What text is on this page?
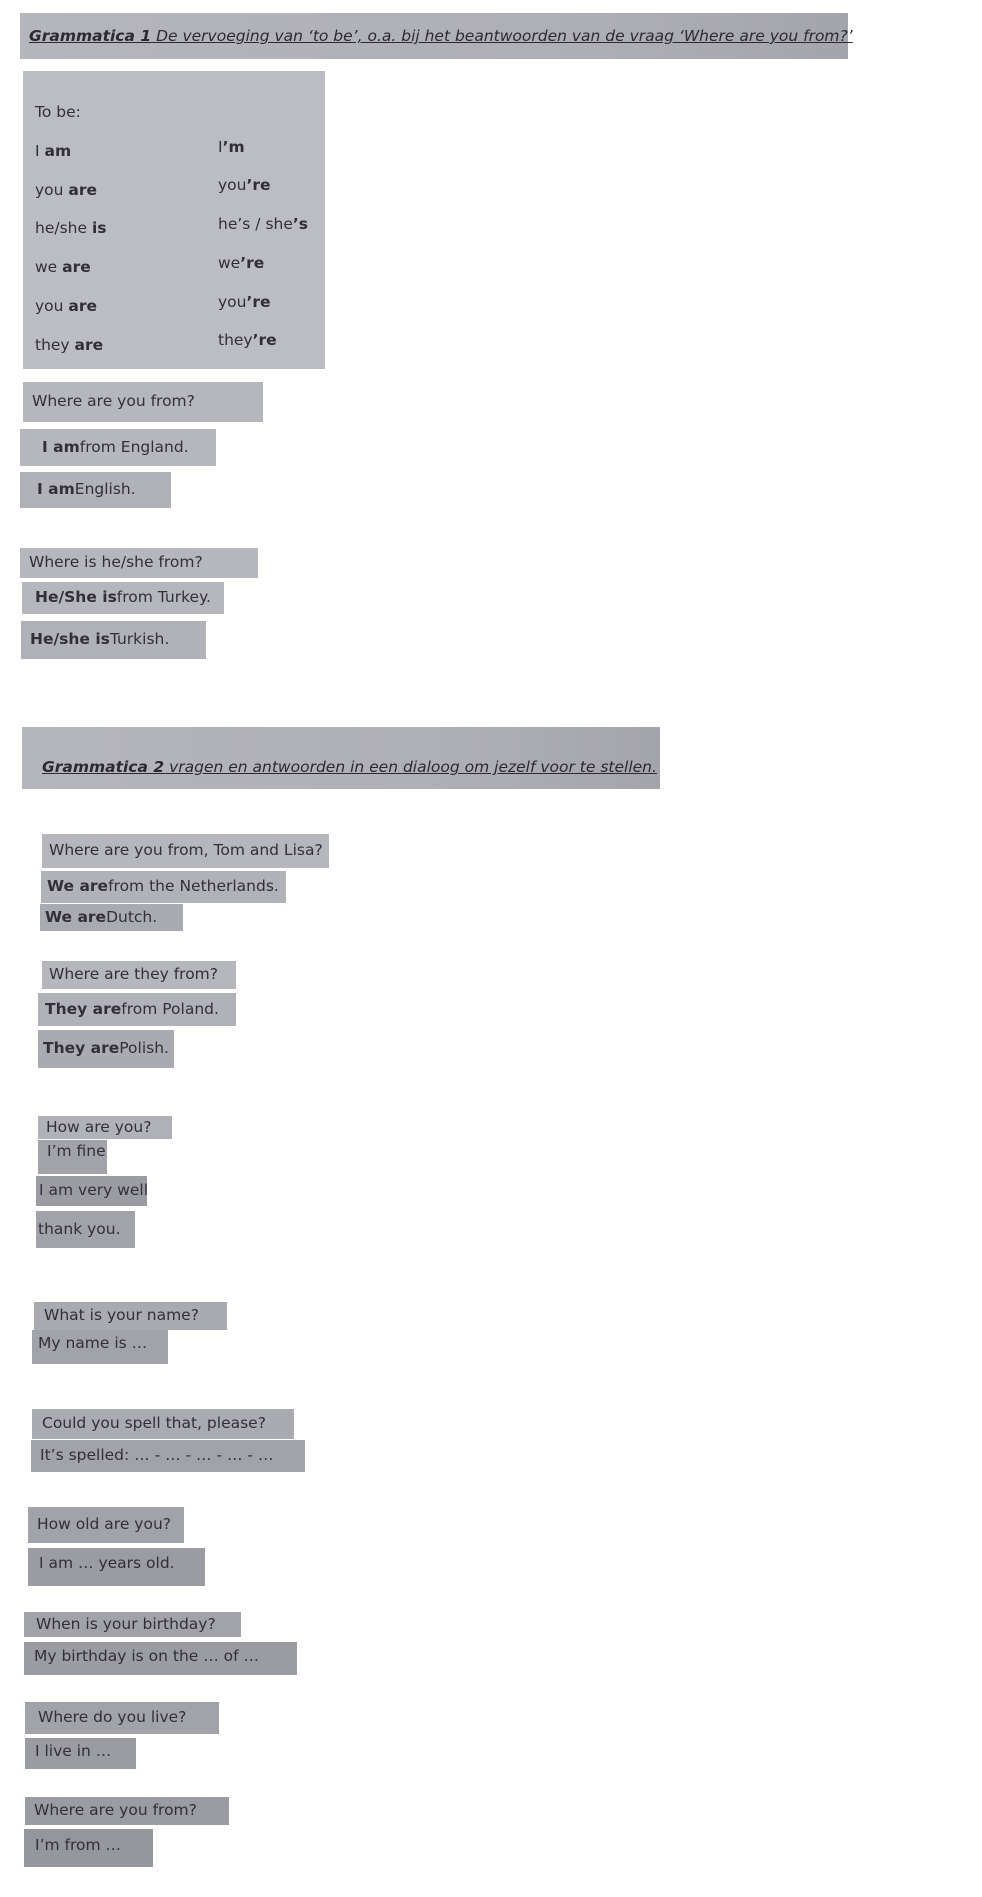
Grammatica 1 De vervoeging van ‘to be’, o.a. bij het beantwoorden van de vraag ‘Where are you from?’
To be:
I am
you are
he/she is
we are
you are
they are
I’m
you’re
he’s / she’s
we’re
you’re
they’re
Where are you from?
I am from England.
I am English.
Where is he/she from?
He/She is from Turkey.
He/she is Turkish.
Grammatica 2 vragen en antwoorden in een dialoog om jezelf voor te stellen.
Where are you from, Tom and Lisa?
We are from the Netherlands.
We are Dutch.
Where are they from?
They are from Poland.
They are Polish.
How are you?
I’m fine
I am very well
thank you.
What is your name?
My name is …
Could you spell that, please?
It’s spelled: … - … - … - … - …
How old are you?
I am … years old.
When is your birthday?
My birthday is on the … of …
Where do you live?
I live in …
Where are you from?
I’m from …
